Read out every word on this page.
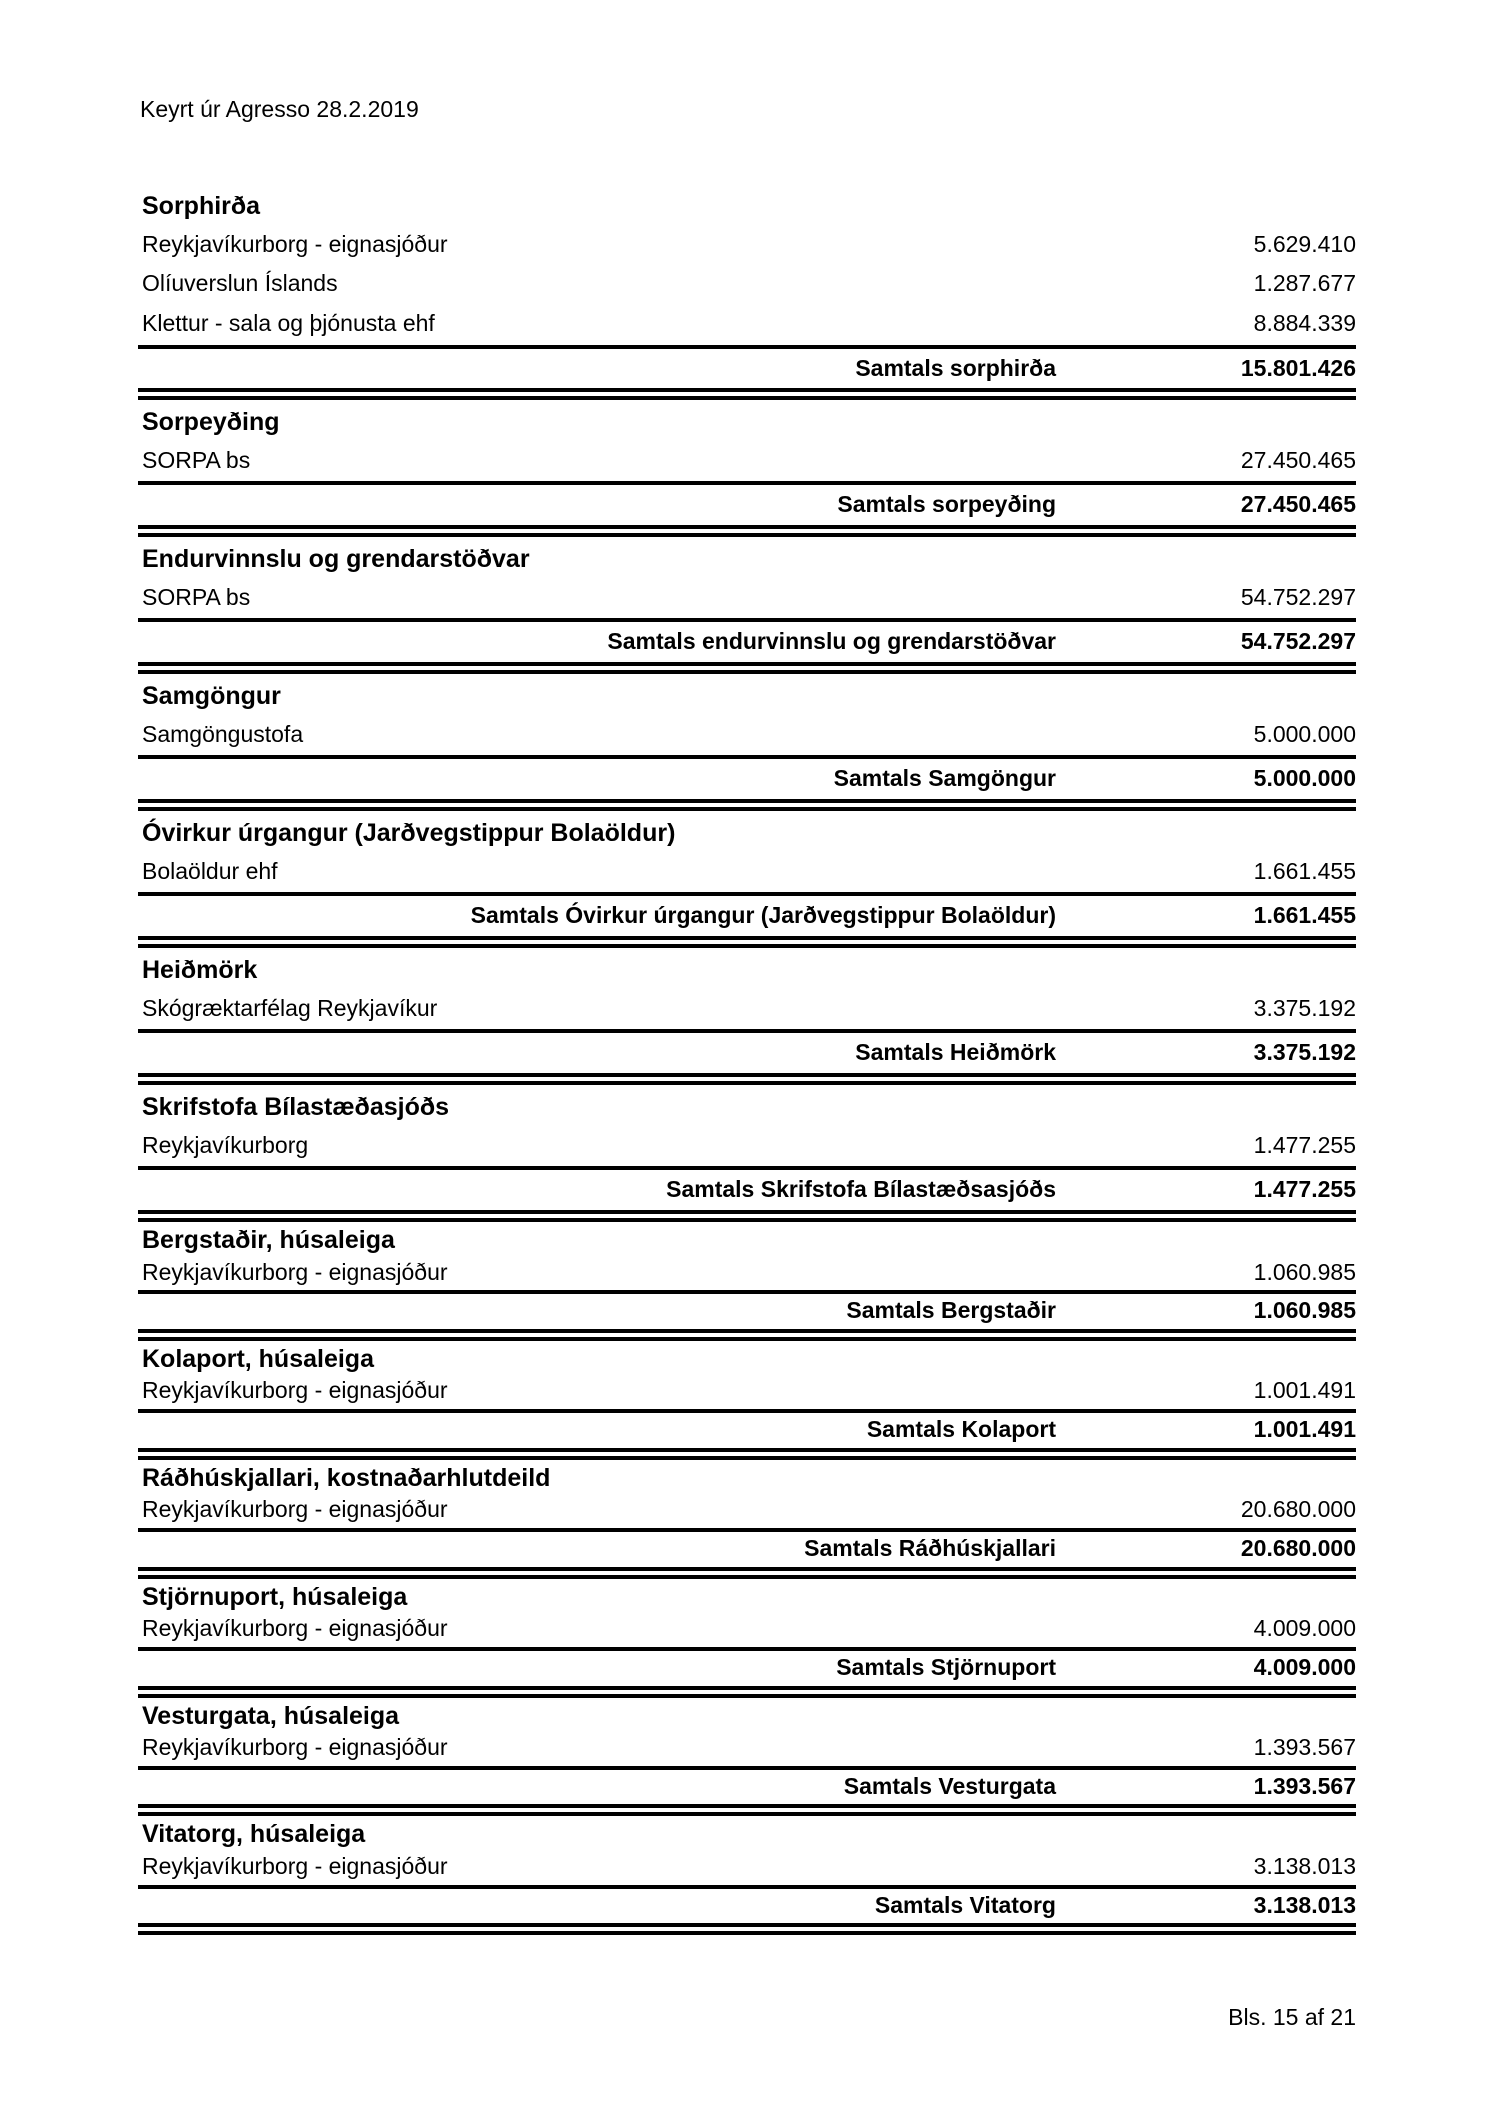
Keyrt úr Agresso 28.2.2019
Sorphirða
Reykjavíkurborg - eignasjóður	5.629.410
Olíuverslun Íslands	1.287.677
Klettur - sala og þjónusta ehf	8.884.339
Samtals sorphirða	15.801.426
Sorpeyðing
SORPA bs	27.450.465
Samtals sorpeyðing	27.450.465
Endurvinnslu og grendarstöðvar
SORPA bs	54.752.297
Samtals endurvinnslu og grendarstöðvar	54.752.297
Samgöngur
Samgöngustofa	5.000.000
Samtals Samgöngur	5.000.000
Óvirkur úrgangur (Jarðvegstippur Bolaöldur)
Bolaöldur ehf	1.661.455
Samtals Óvirkur úrgangur (Jarðvegstippur Bolaöldur)	1.661.455
Heiðmörk
Skógræktarfélag Reykjavíkur	3.375.192
Samtals Heiðmörk	3.375.192
Skrifstofa Bílastæðasjóðs
Reykjavíkurborg	1.477.255
Samtals Skrifstofa Bílastæðsasjóðs	1.477.255
Bergstaðir, húsaleiga
Reykjavíkurborg - eignasjóður	1.060.985
Samtals Bergstaðir	1.060.985
Kolaport, húsaleiga
Reykjavíkurborg - eignasjóður	1.001.491
Samtals Kolaport	1.001.491
Ráðhúskjallari, kostnaðarhlutdeild
Reykjavíkurborg - eignasjóður	20.680.000
Samtals Ráðhúskjallari	20.680.000
Stjörnuport, húsaleiga
Reykjavíkurborg - eignasjóður	4.009.000
Samtals Stjörnuport	4.009.000
Vesturgata, húsaleiga
Reykjavíkurborg - eignasjóður	1.393.567
Samtals Vesturgata	1.393.567
Vitatorg, húsaleiga
Reykjavíkurborg - eignasjóður	3.138.013
Samtals Vitatorg	3.138.013
Bls. 15 af 21
